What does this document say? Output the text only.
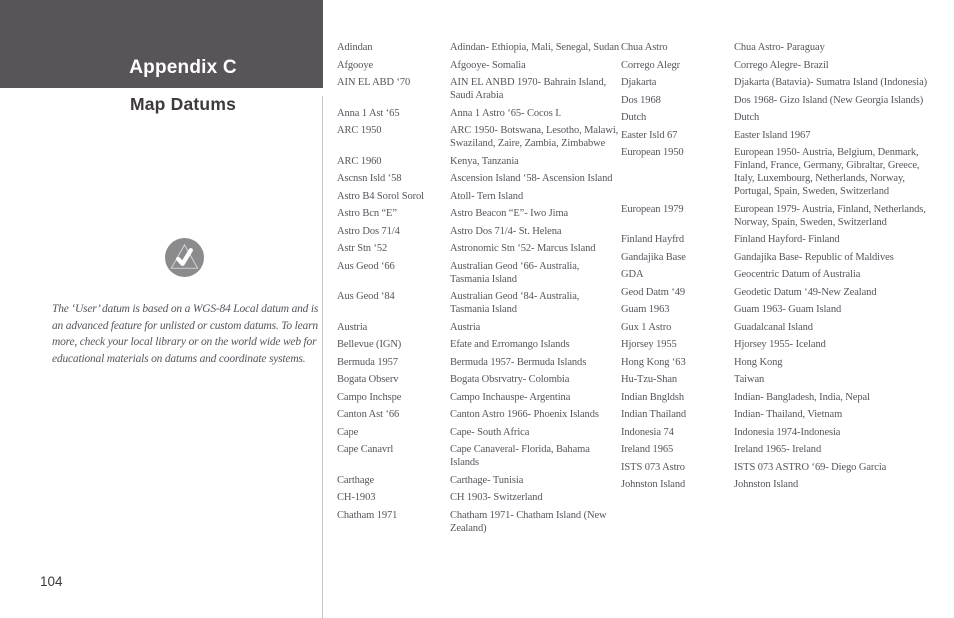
Appendix C
Map Datums

The ‘User’ datum is based on a WGS-84 Local datum and is an advanced feature for unlisted or custom datums. To learn more, check your local library or on the world wide web for educational materials on datums and coordinate systems.

104
Adindan	Adindan- Ethiopia, Mali, Senegal, Sudan
Afgooye	Afgooye- Somalia
AIN EL ABD ‘70	AIN EL ANBD 1970- Bahrain Island, Saudi Arabia
Anna 1 Ast ‘65	Anna 1 Astro ‘65- Cocos I.
ARC 1950	ARC 1950- Botswana, Lesotho, Malawi, Swaziland, Zaire, Zambia, Zimbabwe
ARC 1960	Kenya, Tanzania
Ascnsn Isld ‘58	Ascension Island ‘58- Ascension Island
Astro B4 Sorol Sorol	Atoll- Tern Island
Astro Bcn “E”	Astro Beacon “E”- Iwo Jima
Astro Dos 71/4	Astro Dos 71/4- St. Helena
Astr Stn ‘52	Astronomic Stn ‘52- Marcus Island
Aus Geod ‘66	Australian Geod ‘66- Australia, Tasmania Island
Aus Geod ‘84	Australian Geod ‘84- Australia, Tasmania Island
Austria	Austria
Bellevue (IGN)	Efate and Erromango Islands
Bermuda 1957	Bermuda 1957- Bermuda Islands
Bogata Observ	Bogata Obsrvatry- Colombia
Campo Inchspe	Campo Inchauspe- Argentina
Canton Ast ‘66	Canton Astro 1966- Phoenix Islands
Cape	Cape- South Africa
Cape Canavrl	Cape Canaveral- Florida, Bahama Islands
Carthage	Carthage- Tunisia
CH-1903	CH 1903- Switzerland
Chatham 1971	Chatham 1971- Chatham Island (New Zealand)
Chua Astro	Chua Astro- Paraguay
Corrego Alegr	Corrego Alegre- Brazil
Djakarta	Djakarta (Batavia)- Sumatra Island (Indonesia)
Dos 1968	Dos 1968- Gizo Island (New Georgia Islands)
Dutch	Dutch
Easter Isld 67	Easter Island 1967
European 1950	European 1950- Austria, Belgium, Denmark, Finland, France, Germany, Gibraltar, Greece, Italy, Luxembourg, Netherlands, Norway, Portugal, Spain, Sweden, Switzerland
European 1979	European 1979- Austria, Finland, Netherlands, Norway, Spain, Sweden, Switzerland
Finland Hayfrd	Finland Hayford- Finland
Gandajika Base	Gandajika Base- Republic of Maldives
GDA	Geocentric Datum of Australia
Geod Datm ‘49	Geodetic Datum ‘49-New Zealand
Guam 1963	Guam 1963- Guam Island
Gux 1 Astro	Guadalcanal Island
Hjorsey 1955	Hjorsey 1955- Iceland
Hong Kong ‘63	Hong Kong
Hu-Tzu-Shan	Taiwan
Indian Bngldsh	Indian- Bangladesh, India, Nepal
Indian Thailand	Indian- Thailand, Vietnam
Indonesia 74	Indonesia 1974-Indonesia
Ireland 1965	Ireland 1965- Ireland
ISTS 073 Astro	ISTS 073 ASTRO ‘69- Diego Garcia
Johnston Island	Johnston Island
